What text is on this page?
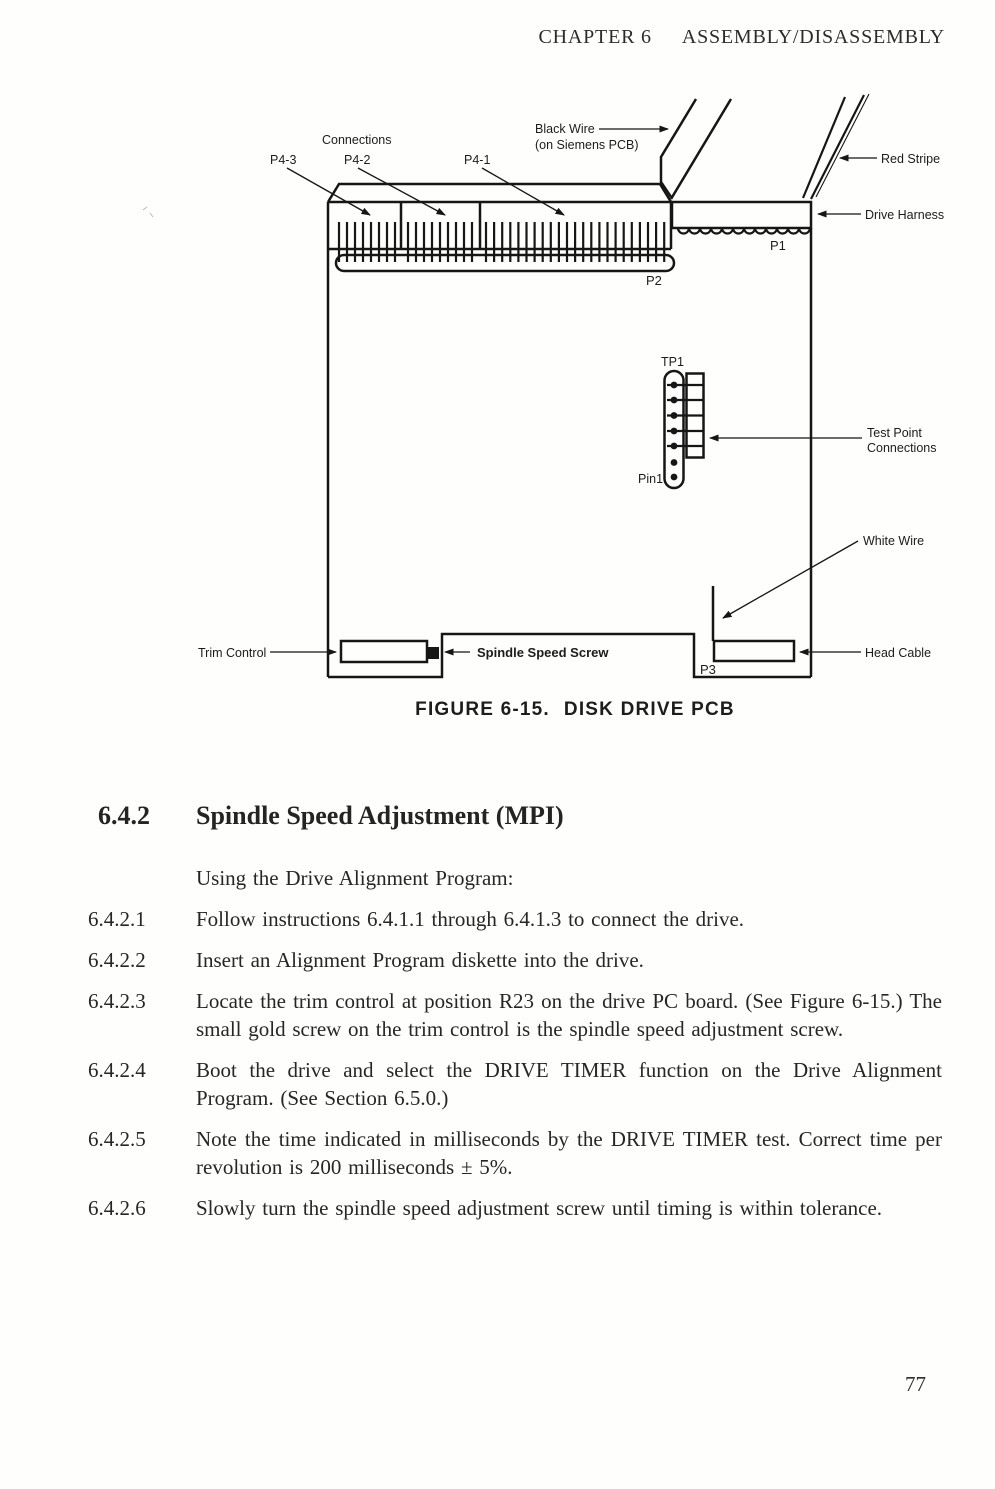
CHAPTER 6 ASSEMBLY/DISASSEMBLY
P2
P1
Connections
P4-3	P4-2	P4-1
Black Wire
(on Siemens PCB)
Red Stripe
Drive Harness
TP1
Pin1
Test Point
Connections
White Wire
Head Cable
P3
Trim Control	Spindle Speed Screw
FIGURE 6-15. DISK DRIVE PCB
6.4.2 Spindle Speed Adjustment (MPI)
Using the Drive Alignment Program:
6.4.2.1	Follow instructions 6.4.1.1 through 6.4.1.3 to connect the drive.
6.4.2.2	Insert an Alignment Program diskette into the drive.
6.4.2.3	Locate the trim control at position R23 on the drive PC board. (See Figure 6-15.) The small gold screw on the trim control is the spindle speed adjustment screw.
6.4.2.4	Boot the drive and select the DRIVE TIMER function on the Drive Alignment Program. (See Section 6.5.0.)
6.4.2.5	Note the time indicated in milliseconds by the DRIVE TIMER test. Correct time per revolution is 200 milliseconds ± 5%.
6.4.2.6	Slowly turn the spindle speed adjustment screw until timing is within tolerance.
77
